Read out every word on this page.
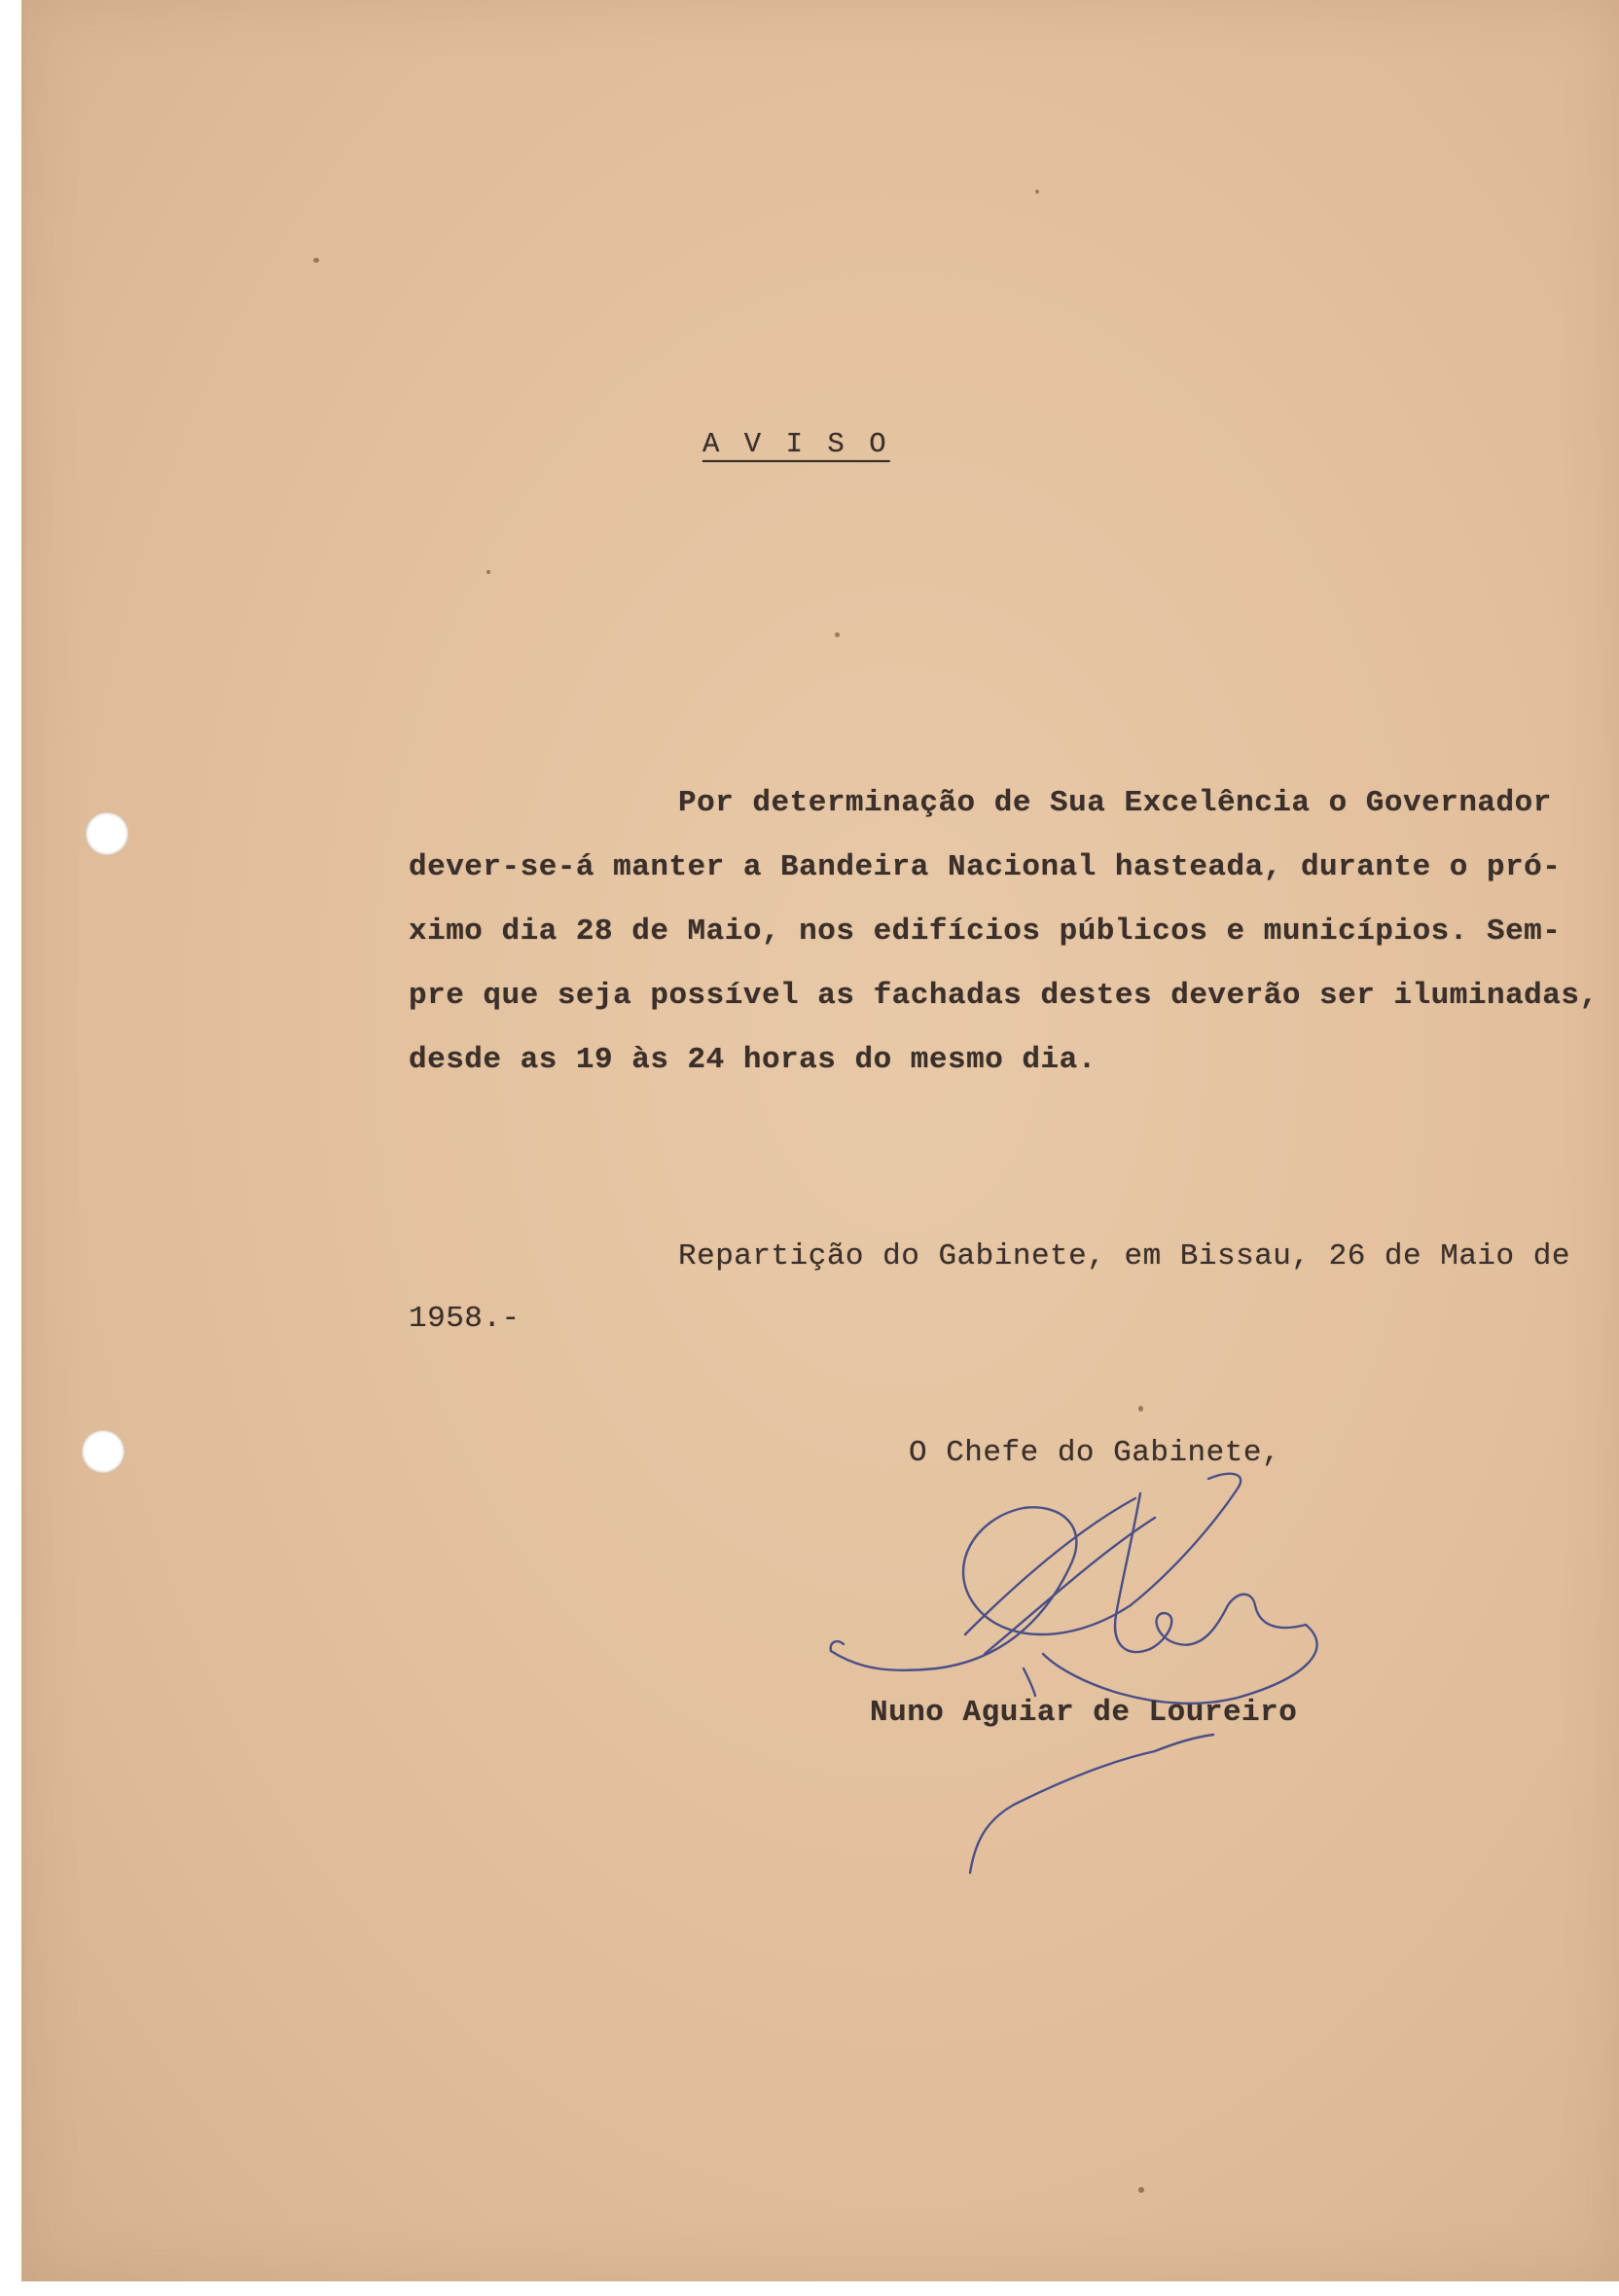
A V I S O
Por determinação de Sua Excelência o Governador
dever-se-á manter a Bandeira Nacional hasteada, durante o pró-
ximo dia 28 de Maio, nos edifícios públicos e municípios. Sem-
pre que seja possível as fachadas destes deverão ser iluminadas,
desde as 19 às 24 horas do mesmo dia.
Repartição do Gabinete, em Bissau, 26 de Maio de
1958.-
O Chefe do Gabinete,
Nuno Aguiar de Loureiro
